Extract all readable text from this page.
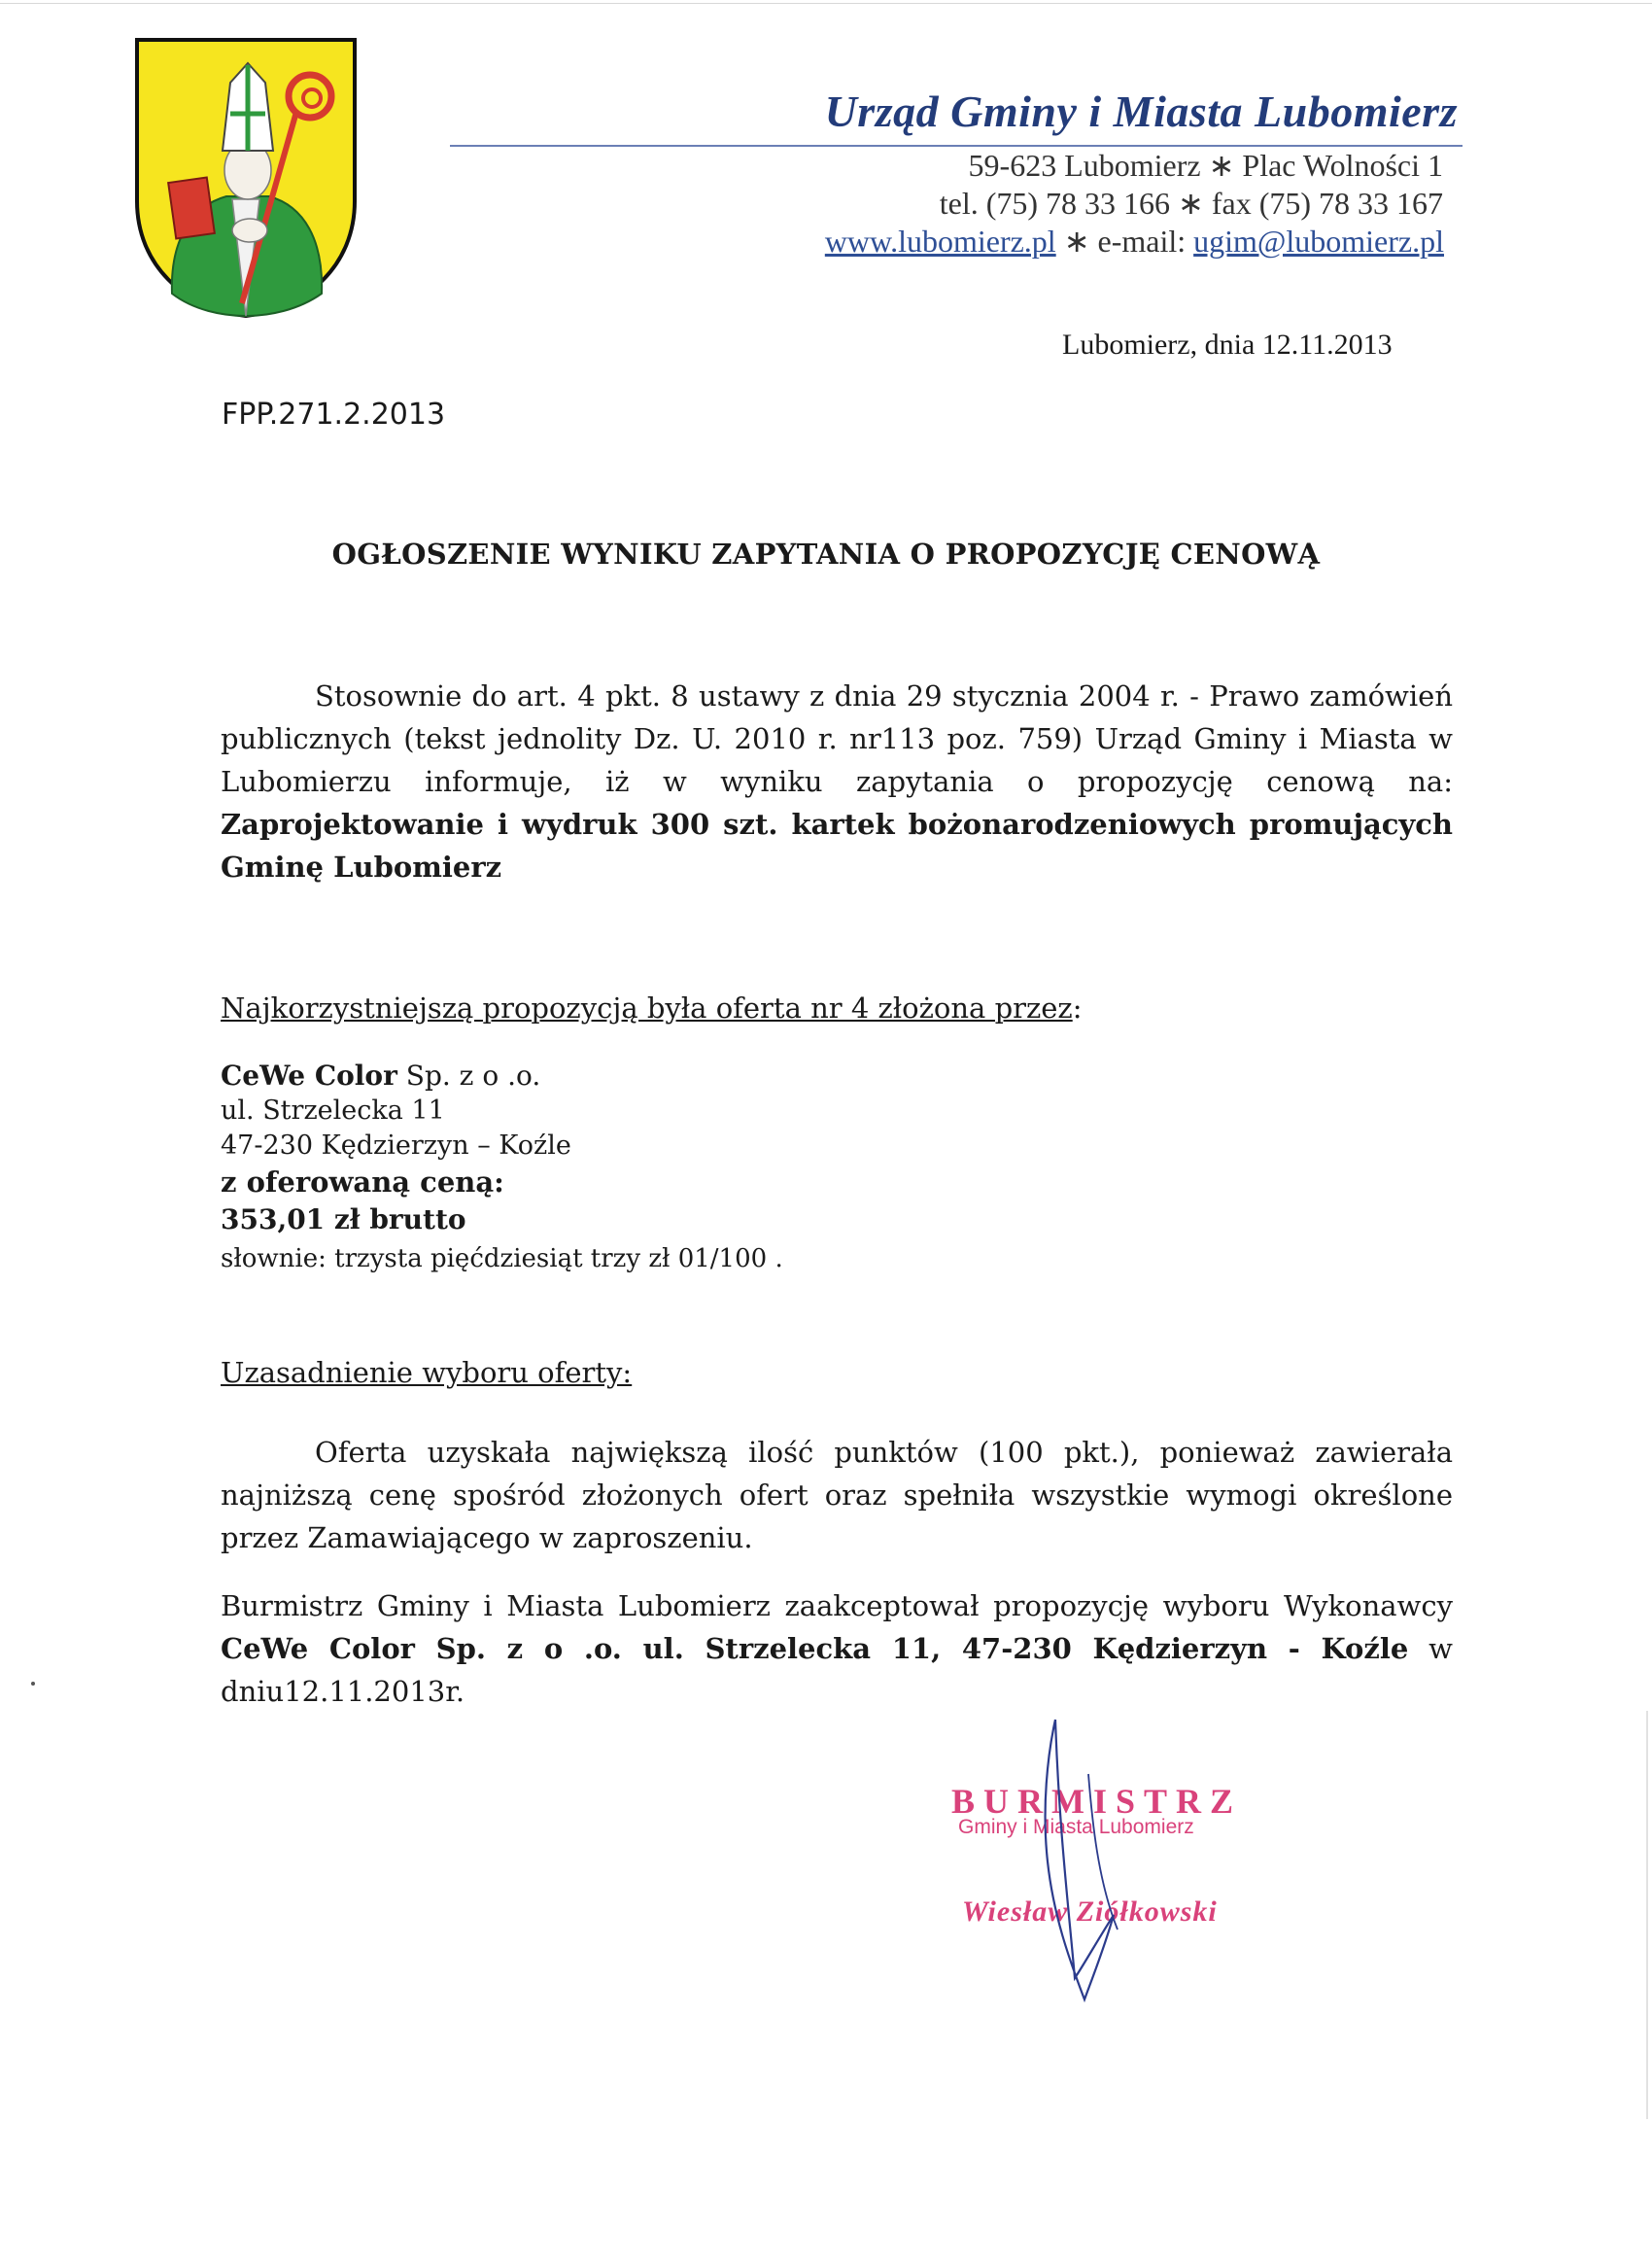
Urząd Gminy i Miasta Lubomierz
59-623 Lubomierz ∗ Plac Wolności 1
tel. (75) 78 33 166 ∗ fax (75) 78 33 167
www.lubomierz.pl ∗ e-mail: ugim@lubomierz.pl
Lubomierz, dnia 12.11.2013
FPP.271.2.2013
OGŁOSZENIE WYNIKU ZAPYTANIA O PROPOZYCJĘ CENOWĄ
Stosownie do art. 4 pkt. 8 ustawy z dnia 29 stycznia 2004 r. - Prawo zamówień publicznych (tekst jednolity Dz. U. 2010 r. nr113 poz. 759) Urząd Gminy i Miasta w Lubomierzu informuje, iż w wyniku zapytania o propozycję cenową na: Zaprojektowanie i wydruk 300 szt. kartek bożonarodzeniowych promujących Gminę Lubomierz
Najkorzystniejszą propozycją była oferta nr 4 złożona przez:
CeWe Color Sp. z o .o.
ul. Strzelecka 11
47-230 Kędzierzyn – Koźle
z oferowaną ceną:
353,01 zł brutto
słownie: trzysta pięćdziesiąt trzy zł 01/100 .
Uzasadnienie wyboru oferty:
Oferta uzyskała największą ilość punktów (100 pkt.), ponieważ zawierała najniższą cenę spośród złożonych ofert oraz spełniła wszystkie wymogi określone przez Zamawiającego w zaproszeniu.
Burmistrz Gminy i Miasta Lubomierz zaakceptował propozycję wyboru Wykonawcy CeWe Color Sp. z o .o. ul. Strzelecka 11, 47-230 Kędzierzyn - Koźle w dniu12.11.2013r.
BURMISTRZ
Gminy i Miasta Lubomierz
Wiesław Ziółkowski
